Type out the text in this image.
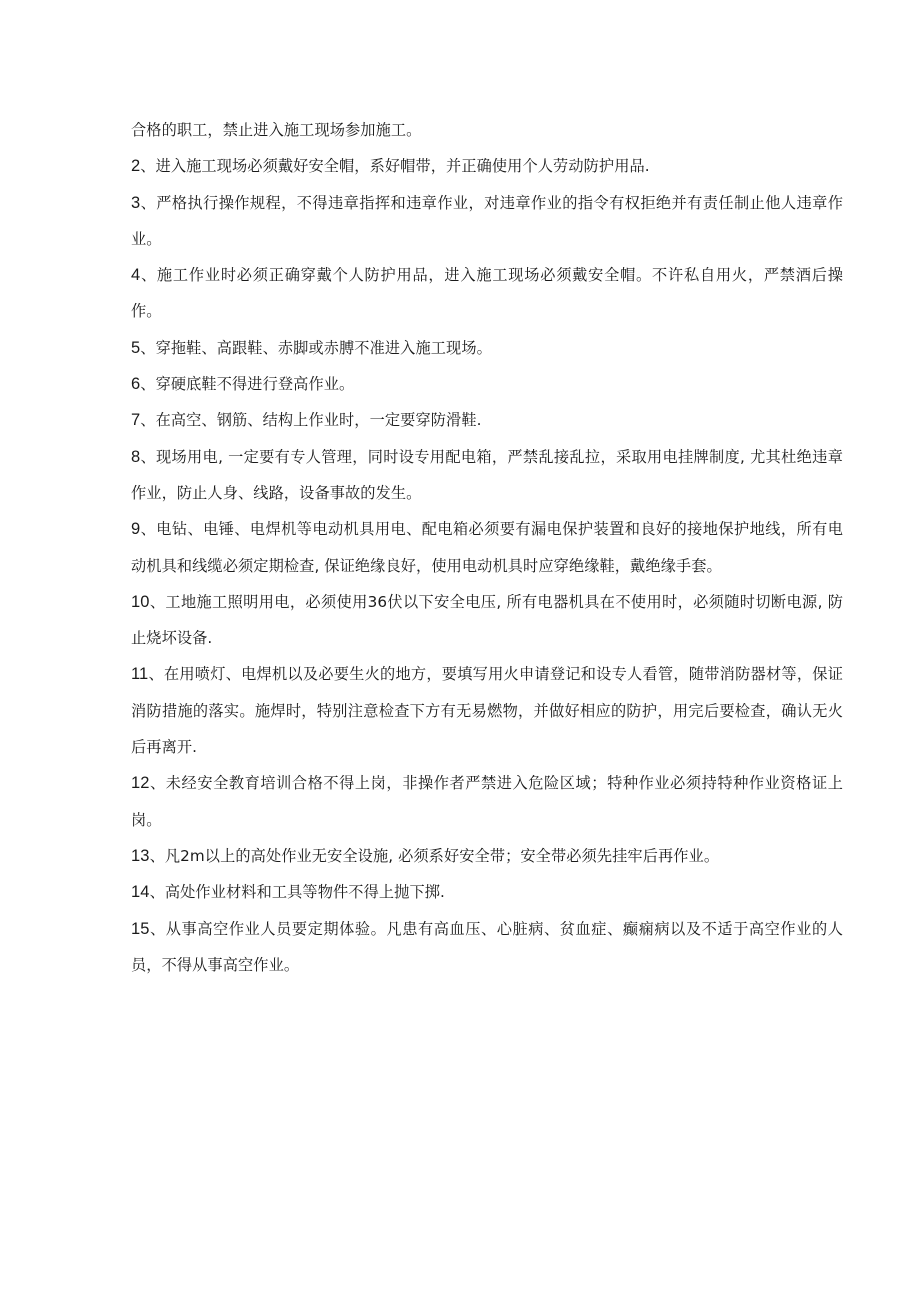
合格的职工，禁止进入施工现场参加施工。

2、进入施工现场必须戴好安全帽，系好帽带，并正确使用个人劳动防护用品.

3、严格执行操作规程，不得违章指挥和违章作业，对违章作业的指令有权拒绝并有责任制止他人违章作业。

4、施工作业时必须正确穿戴个人防护用品，进入施工现场必须戴安全帽。不许私自用火，严禁酒后操作。

5、穿拖鞋、高跟鞋、赤脚或赤膊不准进入施工现场。

6、穿硬底鞋不得进行登高作业。

7、在高空、钢筋、结构上作业时，一定要穿防滑鞋.

8、现场用电, 一定要有专人管理，同时设专用配电箱，严禁乱接乱拉，采取用电挂牌制度, 尤其杜绝违章作业，防止人身、线路，设备事故的发生。

9、电钻、电锤、电焊机等电动机具用电、配电箱必须要有漏电保护装置和良好的接地保护地线，所有电动机具和线缆必须定期检查, 保证绝缘良好，使用电动机具时应穿绝缘鞋，戴绝缘手套。

10、工地施工照明用电，必须使用36伏以下安全电压, 所有电器机具在不使用时，必须随时切断电源, 防止烧坏设备.

11、在用喷灯、电焊机以及必要生火的地方，要填写用火申请登记和设专人看管，随带消防器材等，保证消防措施的落实。施焊时，特别注意检查下方有无易燃物，并做好相应的防护，用完后要检查，确认无火后再离开.

12、未经安全教育培训合格不得上岗，非操作者严禁进入危险区域；特种作业必须持特种作业资格证上岗。

13、凡2m以上的高处作业无安全设施, 必须系好安全带；安全带必须先挂牢后再作业。

14、高处作业材料和工具等物件不得上抛下掷.

15、从事高空作业人员要定期体验。凡患有高血压、心脏病、贫血症、癫痫病以及不适于高空作业的人员，不得从事高空作业。
